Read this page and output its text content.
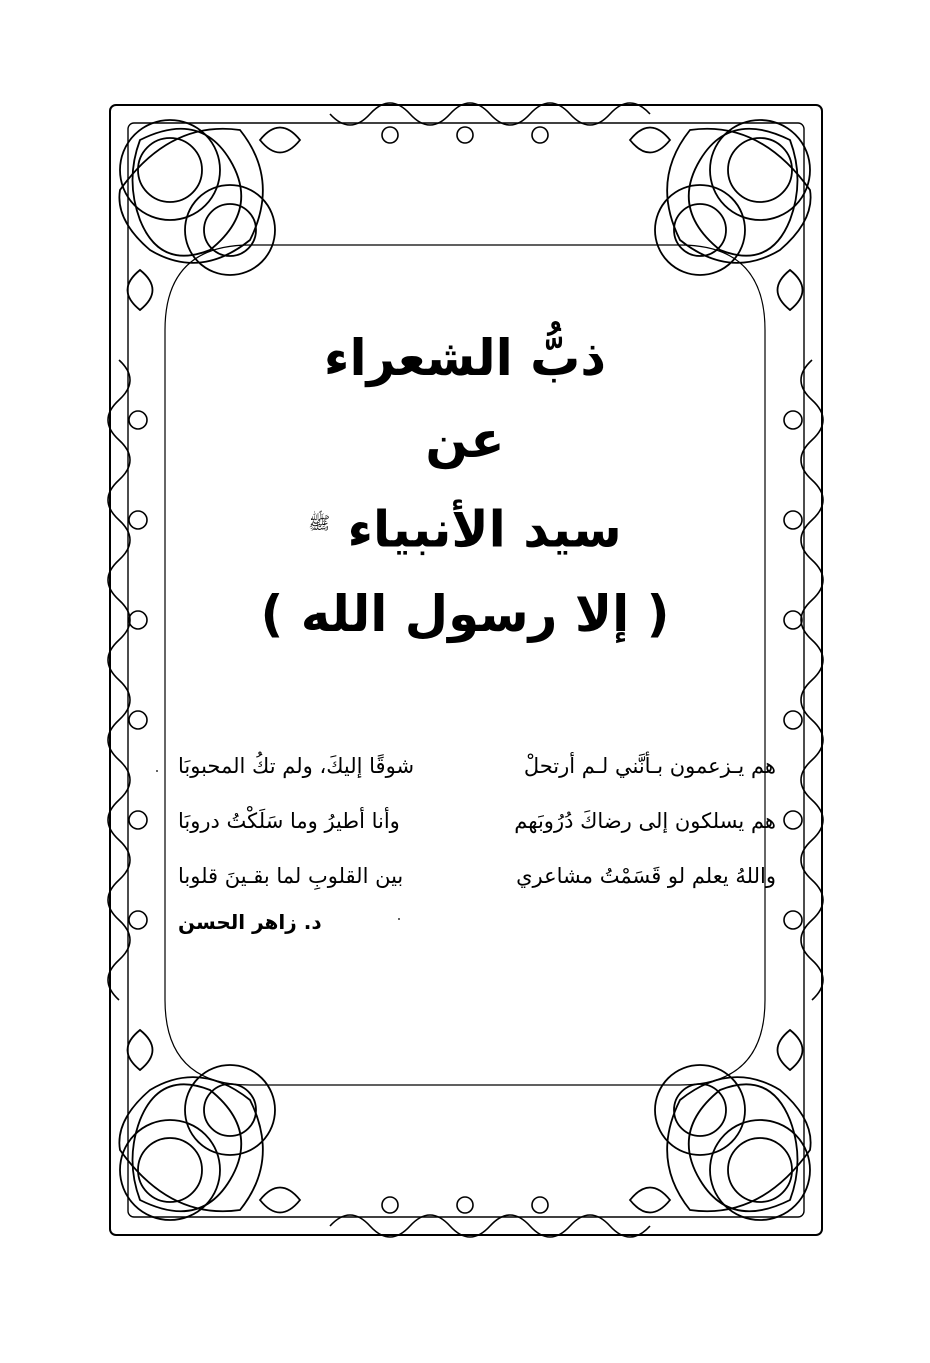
ذبُّ الشعراء
عن
سيد الأنبياء $^ﷺ$
( إلا رسول الله )
هم يـزعمون بـأنَّني لـم أرتحلْ
شوقًا إليكَ، ولم تكُ المحبوبَا
هم يسلكون إلى رضاكَ دُرُوبَهم
وأنا أطيرُ وما سَلَكْتُ دروبَا
واللهُ يعلم لو قَسَمْتُ مشاعري
بين القلوبِ لما بقـينَ قلوبا
د. زاهر الحسن
